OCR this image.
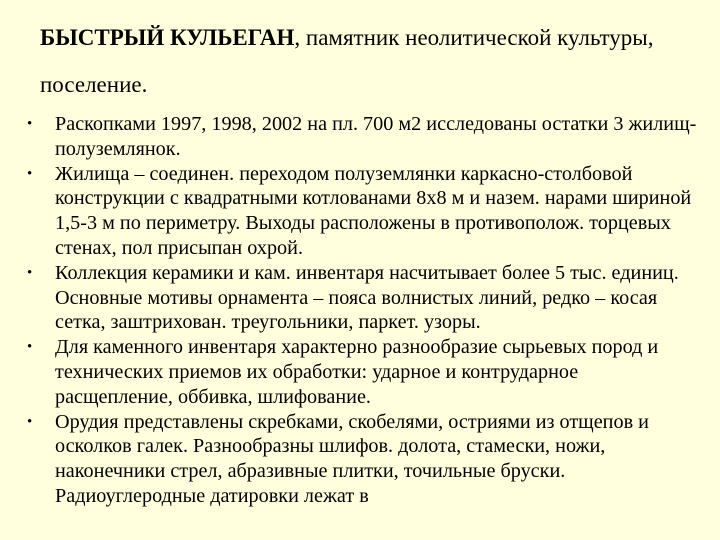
БЫСТРЫЙ КУЛЬЕГАН, памятник неолитической культуры, поселение.
• Раскопками 1997, 1998, 2002 на пл. 700 м2 исследованы остатки 3 жилищ-полуземлянок.
• Жилища – соединен. переходом полуземлянки каркасно-столбовой конструкции с квадратными котлованами 8х8 м и назем. нарами шириной 1,5-3 м по периметру. Выходы расположены в противополож. торцевых стенах, пол присыпан охрой.
• Коллекция керамики и кам. инвентаря насчитывает более 5 тыс. единиц. Основные мотивы орнамента – пояса волнистых линий, редко – косая сетка, заштрихован. треугольники, паркет. узоры.
• Для каменного инвентаря характерно разнообразие сырьевых пород и технических приемов их обработки: ударное и контрударное расщепление, оббивка, шлифование.
• Орудия представлены скребками, скобелями, остриями из отщепов и осколков галек. Разнообразны шлифов. долота, стамески, ножи, наконечники стрел, абразивные плитки, точильные бруски. Радиоуглеродные датировки лежат в
